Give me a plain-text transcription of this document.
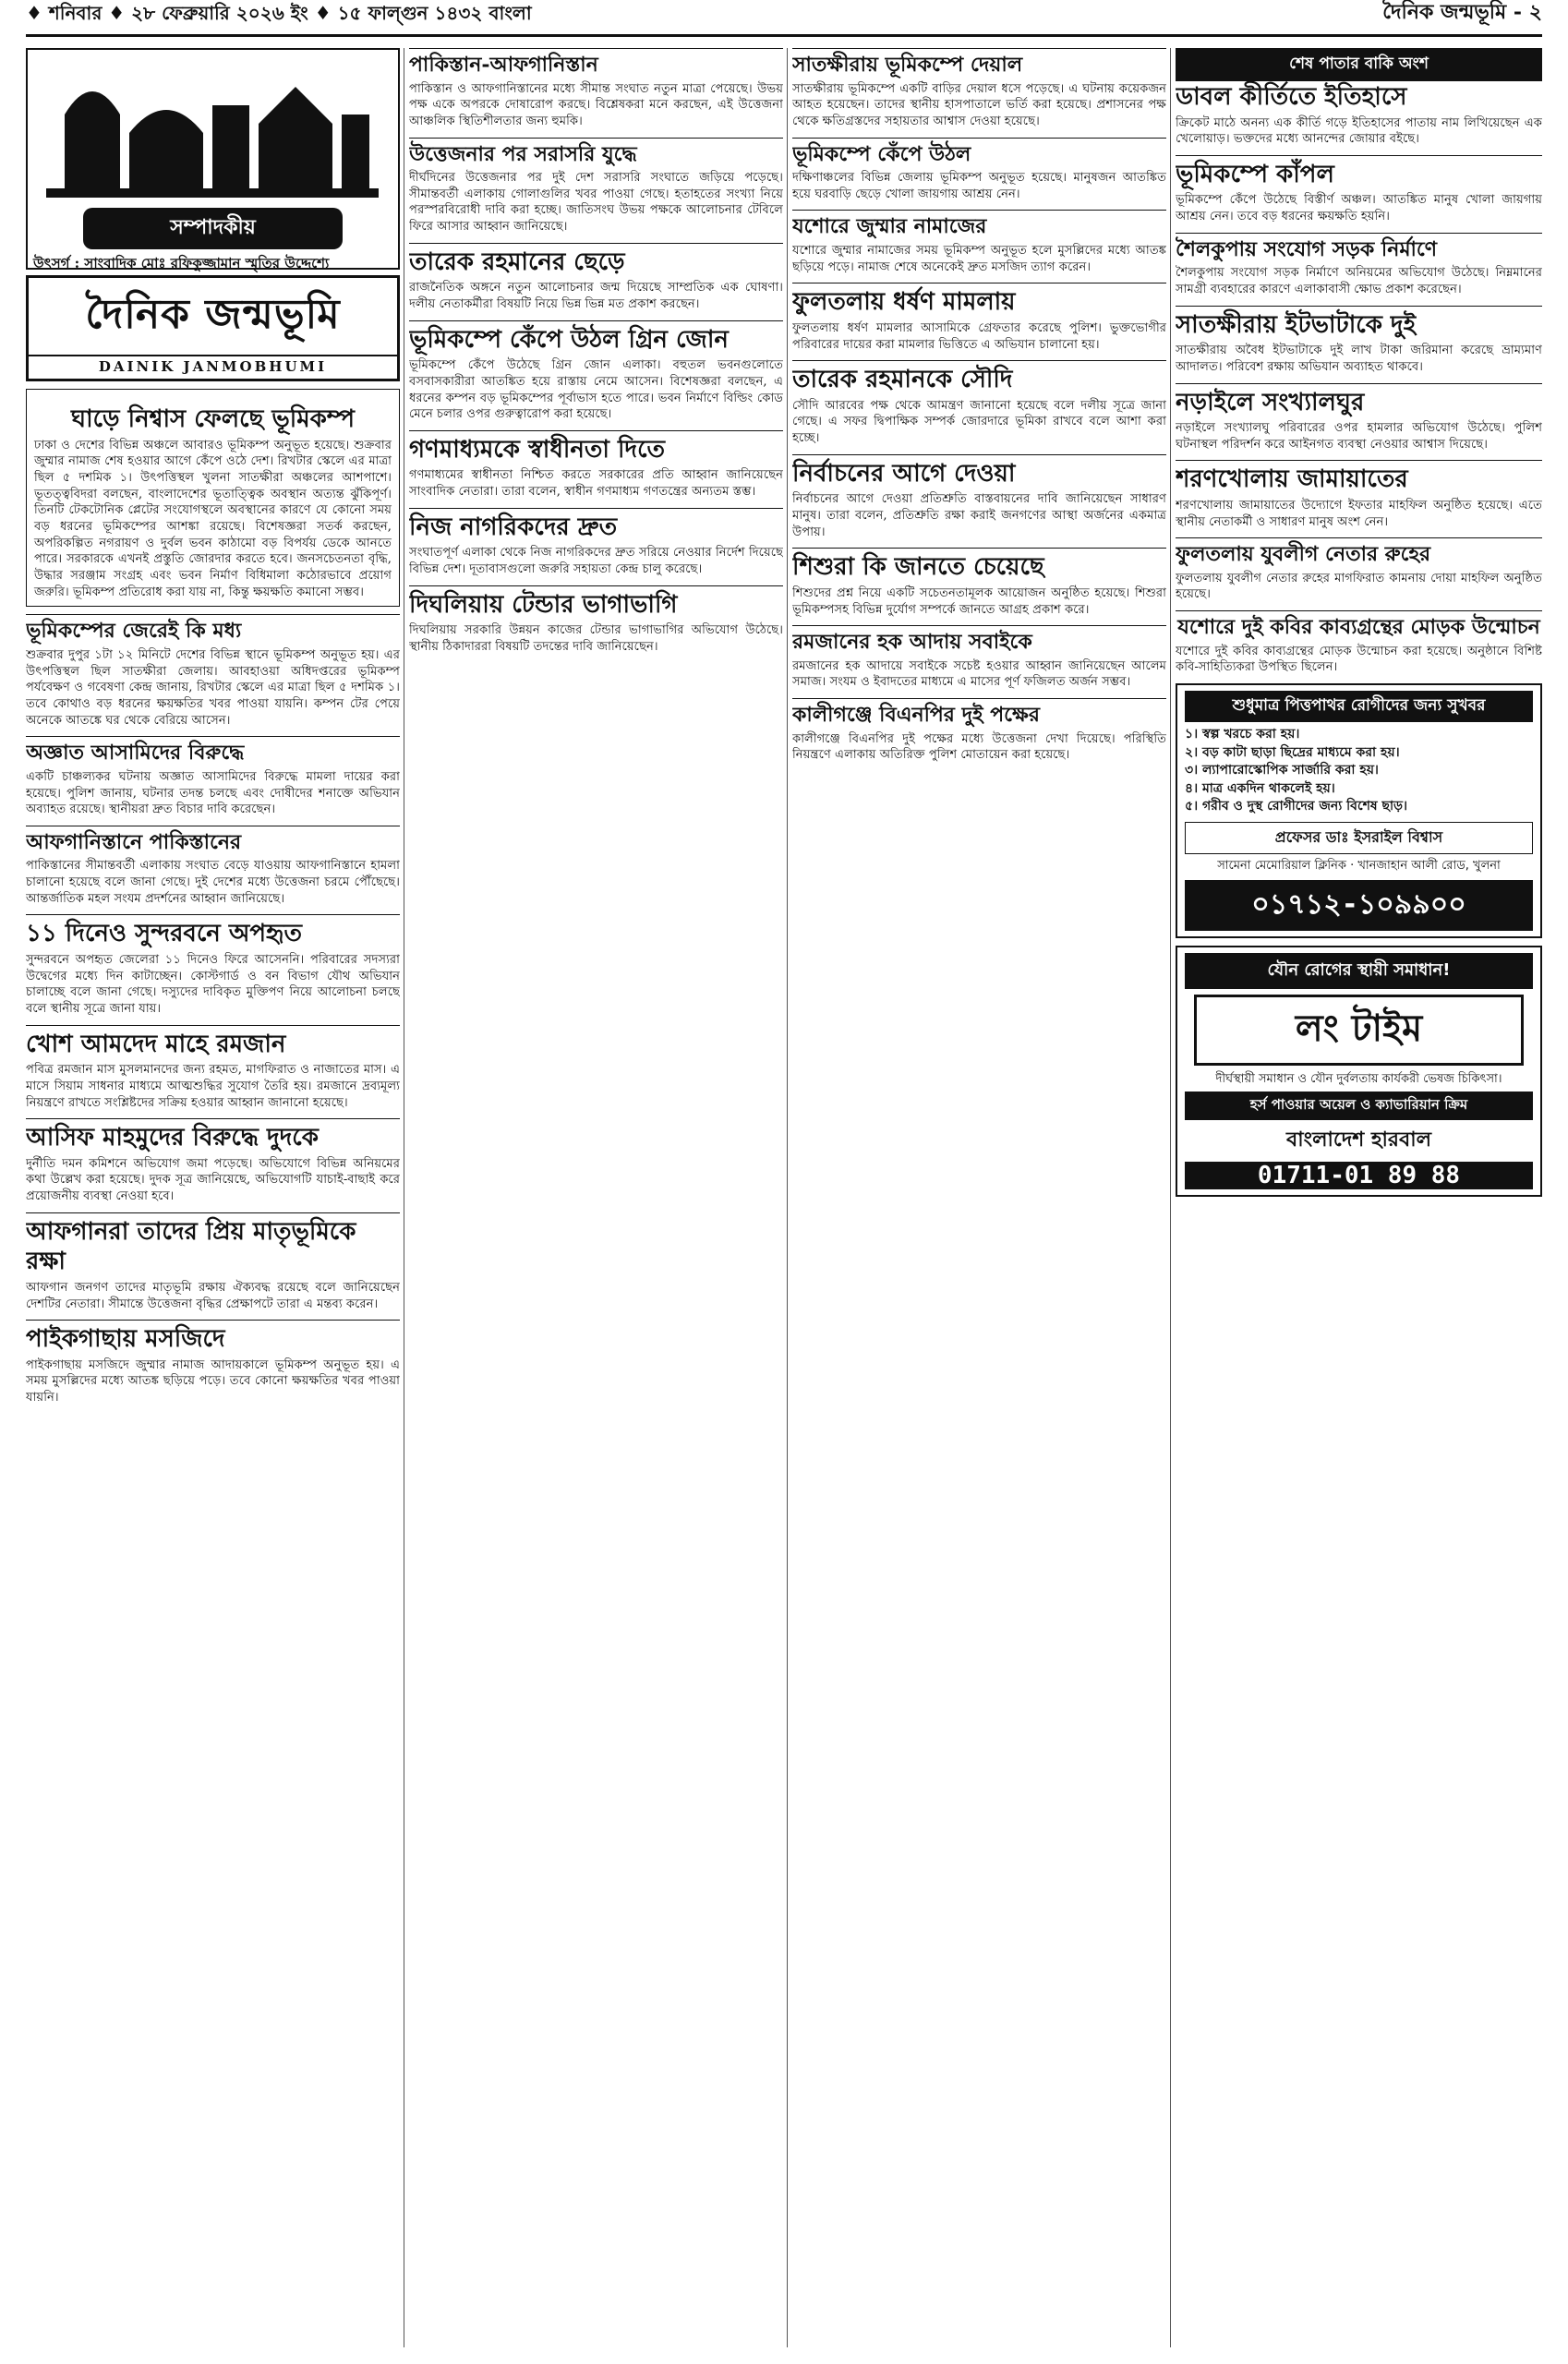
♦ শনিবার ♦ ২৮ ফেব্রুয়ারি ২০২৬ ইং ♦ ১৫ ফাল্গুন ১৪৩২ বাংলা	দৈনিক জন্মভূমি - ২
সম্পাদকীয়
উৎসর্গ : সাংবাদিক মোঃ রফিকুজ্জামান স্মৃতির উদ্দেশ্যে
দৈনিক জন্মভূমি
DAINIK JANMOBHUMI
ঘাড়ে নিশ্বাস ফেলছে ভূমিকম্প

ঢাকা ও দেশের বিভিন্ন অঞ্চলে আবারও ভূমিকম্প অনুভূত হয়েছে। শুক্রবার জুম্মার নামাজ শেষ হওয়ার আগে কেঁপে ওঠে দেশ। রিখটার স্কেলে এর মাত্রা ছিল ৫ দশমিক ১। উৎপত্তিস্থল খুলনা সাতক্ষীরা অঞ্চলের আশপাশে। ভূতত্ত্ববিদরা বলছেন, বাংলাদেশের ভূতাত্ত্বিক অবস্থান অত্যন্ত ঝুঁকিপূর্ণ। তিনটি টেকটোনিক প্লেটের সংযোগস্থলে অবস্থানের কারণে যে কোনো সময় বড় ধরনের ভূমিকম্পের আশঙ্কা রয়েছে। বিশেষজ্ঞরা সতর্ক করছেন, অপরিকল্পিত নগরায়ণ ও দুর্বল ভবন কাঠামো বড় বিপর্যয় ডেকে আনতে পারে। সরকারকে এখনই প্রস্তুতি জোরদার করতে হবে। জনসচেতনতা বৃদ্ধি, উদ্ধার সরঞ্জাম সংগ্রহ এবং ভবন নির্মাণ বিধিমালা কঠোরভাবে প্রয়োগ জরুরি। ভূমিকম্প প্রতিরোধ করা যায় না, কিন্তু ক্ষয়ক্ষতি কমানো সম্ভব।

ভূমিকম্পের জেরেই কি মধ্য

শুক্রবার দুপুর ১টা ১২ মিনিটে দেশের বিভিন্ন স্থানে ভূমিকম্প অনুভূত হয়। এর উৎপত্তিস্থল ছিল সাতক্ষীরা জেলায়। আবহাওয়া অধিদপ্তরের ভূমিকম্প পর্যবেক্ষণ ও গবেষণা কেন্দ্র জানায়, রিখটার স্কেলে এর মাত্রা ছিল ৫ দশমিক ১। তবে কোথাও বড় ধরনের ক্ষয়ক্ষতির খবর পাওয়া যায়নি। কম্পন টের পেয়ে অনেকে আতঙ্কে ঘর থেকে বেরিয়ে আসেন।

অজ্ঞাত আসামিদের বিরুদ্ধে

একটি চাঞ্চল্যকর ঘটনায় অজ্ঞাত আসামিদের বিরুদ্ধে মামলা দায়ের করা হয়েছে। পুলিশ জানায়, ঘটনার তদন্ত চলছে এবং দোষীদের শনাক্তে অভিযান অব্যাহত রয়েছে। স্থানীয়রা দ্রুত বিচার দাবি করেছেন।

আফগানিস্তানে পাকিস্তানের

পাকিস্তানের সীমান্তবর্তী এলাকায় সংঘাত বেড়ে যাওয়ায় আফগানিস্তানে হামলা চালানো হয়েছে বলে জানা গেছে। দুই দেশের মধ্যে উত্তেজনা চরমে পৌঁছেছে। আন্তর্জাতিক মহল সংযম প্রদর্শনের আহ্বান জানিয়েছে।

১১ দিনেও সুন্দরবনে অপহৃত

সুন্দরবনে অপহৃত জেলেরা ১১ দিনেও ফিরে আসেননি। পরিবারের সদস্যরা উদ্বেগের মধ্যে দিন কাটাচ্ছেন। কোস্টগার্ড ও বন বিভাগ যৌথ অভিযান চালাচ্ছে বলে জানা গেছে। দস্যুদের দাবিকৃত মুক্তিপণ নিয়ে আলোচনা চলছে বলে স্থানীয় সূত্রে জানা যায়।

খোশ আমদেদ মাহে রমজান

পবিত্র রমজান মাস মুসলমানদের জন্য রহমত, মাগফিরাত ও নাজাতের মাস। এ মাসে সিয়াম সাধনার মাধ্যমে আত্মশুদ্ধির সুযোগ তৈরি হয়। রমজানে দ্রব্যমূল্য নিয়ন্ত্রণে রাখতে সংশ্লিষ্টদের সক্রিয় হওয়ার আহ্বান জানানো হয়েছে।

আসিফ মাহমুদের বিরুদ্ধে দুদকে

দুর্নীতি দমন কমিশনে অভিযোগ জমা পড়েছে। অভিযোগে বিভিন্ন অনিয়মের কথা উল্লেখ করা হয়েছে। দুদক সূত্র জানিয়েছে, অভিযোগটি যাচাই-বাছাই করে প্রয়োজনীয় ব্যবস্থা নেওয়া হবে।

আফগানরা তাদের প্রিয় মাতৃভূমিকে রক্ষা

আফগান জনগণ তাদের মাতৃভূমি রক্ষায় ঐক্যবদ্ধ রয়েছে বলে জানিয়েছেন দেশটির নেতারা। সীমান্তে উত্তেজনা বৃদ্ধির প্রেক্ষাপটে তারা এ মন্তব্য করেন।

পাইকগাছায় মসজিদে

পাইকগাছায় মসজিদে জুম্মার নামাজ আদায়কালে ভূমিকম্প অনুভূত হয়। এ সময় মুসল্লিদের মধ্যে আতঙ্ক ছড়িয়ে পড়ে। তবে কোনো ক্ষয়ক্ষতির খবর পাওয়া যায়নি।

পাকিস্তান-আফগানিস্তান

পাকিস্তান ও আফগানিস্তানের মধ্যে সীমান্ত সংঘাত নতুন মাত্রা পেয়েছে। উভয় পক্ষ একে অপরকে দোষারোপ করছে। বিশ্লেষকরা মনে করছেন, এই উত্তেজনা আঞ্চলিক স্থিতিশীলতার জন্য হুমকি।

উত্তেজনার পর সরাসরি যুদ্ধে

দীর্ঘদিনের উত্তেজনার পর দুই দেশ সরাসরি সংঘাতে জড়িয়ে পড়েছে। সীমান্তবর্তী এলাকায় গোলাগুলির খবর পাওয়া গেছে। হতাহতের সংখ্যা নিয়ে পরস্পরবিরোধী দাবি করা হচ্ছে। জাতিসংঘ উভয় পক্ষকে আলোচনার টেবিলে ফিরে আসার আহ্বান জানিয়েছে।

তারেক রহমানের ছেড়ে

রাজনৈতিক অঙ্গনে নতুন আলোচনার জন্ম দিয়েছে সাম্প্রতিক এক ঘোষণা। দলীয় নেতাকর্মীরা বিষয়টি নিয়ে ভিন্ন ভিন্ন মত প্রকাশ করছেন।

ভূমিকম্পে কেঁপে উঠল গ্রিন জোন

ভূমিকম্পে কেঁপে উঠেছে গ্রিন জোন এলাকা। বহুতল ভবনগুলোতে বসবাসকারীরা আতঙ্কিত হয়ে রাস্তায় নেমে আসেন। বিশেষজ্ঞরা বলছেন, এ ধরনের কম্পন বড় ভূমিকম্পের পূর্বাভাস হতে পারে। ভবন নির্মাণে বিল্ডিং কোড মেনে চলার ওপর গুরুত্বারোপ করা হয়েছে।

গণমাধ্যমকে স্বাধীনতা দিতে

গণমাধ্যমের স্বাধীনতা নিশ্চিত করতে সরকারের প্রতি আহ্বান জানিয়েছেন সাংবাদিক নেতারা। তারা বলেন, স্বাধীন গণমাধ্যম গণতন্ত্রের অন্যতম স্তম্ভ।

নিজ নাগরিকদের দ্রুত

সংঘাতপূর্ণ এলাকা থেকে নিজ নাগরিকদের দ্রুত সরিয়ে নেওয়ার নির্দেশ দিয়েছে বিভিন্ন দেশ। দূতাবাসগুলো জরুরি সহায়তা কেন্দ্র চালু করেছে।

দিঘলিয়ায় টেন্ডার ভাগাভাগি

দিঘলিয়ায় সরকারি উন্নয়ন কাজের টেন্ডার ভাগাভাগির অভিযোগ উঠেছে। স্থানীয় ঠিকাদাররা বিষয়টি তদন্তের দাবি জানিয়েছেন।

সাতক্ষীরায় ভূমিকম্পে দেয়াল

সাতক্ষীরায় ভূমিকম্পে একটি বাড়ির দেয়াল ধসে পড়েছে। এ ঘটনায় কয়েকজন আহত হয়েছেন। তাদের স্থানীয় হাসপাতালে ভর্তি করা হয়েছে। প্রশাসনের পক্ষ থেকে ক্ষতিগ্রস্তদের সহায়তার আশ্বাস দেওয়া হয়েছে।

ভূমিকম্পে কেঁপে উঠল

দক্ষিণাঞ্চলের বিভিন্ন জেলায় ভূমিকম্প অনুভূত হয়েছে। মানুষজন আতঙ্কিত হয়ে ঘরবাড়ি ছেড়ে খোলা জায়গায় আশ্রয় নেন।

যশোরে জুম্মার নামাজের

যশোরে জুম্মার নামাজের সময় ভূমিকম্প অনুভূত হলে মুসল্লিদের মধ্যে আতঙ্ক ছড়িয়ে পড়ে। নামাজ শেষে অনেকেই দ্রুত মসজিদ ত্যাগ করেন।

ফুলতলায় ধর্ষণ মামলায়

ফুলতলায় ধর্ষণ মামলার আসামিকে গ্রেফতার করেছে পুলিশ। ভুক্তভোগীর পরিবারের দায়ের করা মামলার ভিত্তিতে এ অভিযান চালানো হয়।

তারেক রহমানকে সৌদি

সৌদি আরবের পক্ষ থেকে আমন্ত্রণ জানানো হয়েছে বলে দলীয় সূত্রে জানা গেছে। এ সফর দ্বিপাক্ষিক সম্পর্ক জোরদারে ভূমিকা রাখবে বলে আশা করা হচ্ছে।

নির্বাচনের আগে দেওয়া

নির্বাচনের আগে দেওয়া প্রতিশ্রুতি বাস্তবায়নের দাবি জানিয়েছেন সাধারণ মানুষ। তারা বলেন, প্রতিশ্রুতি রক্ষা করাই জনগণের আস্থা অর্জনের একমাত্র উপায়।

শিশুরা কি জানতে চেয়েছে

শিশুদের প্রশ্ন নিয়ে একটি সচেতনতামূলক আয়োজন অনুষ্ঠিত হয়েছে। শিশুরা ভূমিকম্পসহ বিভিন্ন দুর্যোগ সম্পর্কে জানতে আগ্রহ প্রকাশ করে।

রমজানের হক আদায় সবাইকে

রমজানের হক আদায়ে সবাইকে সচেষ্ট হওয়ার আহ্বান জানিয়েছেন আলেম সমাজ। সংযম ও ইবাদতের মাধ্যমে এ মাসের পূর্ণ ফজিলত অর্জন সম্ভব।

কালীগঞ্জে বিএনপির দুই পক্ষের

কালীগঞ্জে বিএনপির দুই পক্ষের মধ্যে উত্তেজনা দেখা দিয়েছে। পরিস্থিতি নিয়ন্ত্রণে এলাকায় অতিরিক্ত পুলিশ মোতায়েন করা হয়েছে।

ডাবল কীর্তিতে ইতিহাসে

ক্রিকেট মাঠে অনন্য এক কীর্তি গড়ে ইতিহাসের পাতায় নাম লিখিয়েছেন এক খেলোয়াড়। ভক্তদের মধ্যে আনন্দের জোয়ার বইছে।

ভূমিকম্পে কাঁপল

ভূমিকম্পে কেঁপে উঠেছে বিস্তীর্ণ অঞ্চল। আতঙ্কিত মানুষ খোলা জায়গায় আশ্রয় নেন। তবে বড় ধরনের ক্ষয়ক্ষতি হয়নি।

শৈলকুপায় সংযোগ সড়ক নির্মাণে

শৈলকুপায় সংযোগ সড়ক নির্মাণে অনিয়মের অভিযোগ উঠেছে। নিম্নমানের সামগ্রী ব্যবহারের কারণে এলাকাবাসী ক্ষোভ প্রকাশ করেছেন।

সাতক্ষীরায় ইটভাটাকে দুই

সাতক্ষীরায় অবৈধ ইটভাটাকে দুই লাখ টাকা জরিমানা করেছে ভ্রাম্যমাণ আদালত। পরিবেশ রক্ষায় অভিযান অব্যাহত থাকবে।

নড়াইলে সংখ্যালঘুর

নড়াইলে সংখ্যালঘু পরিবারের ওপর হামলার অভিযোগ উঠেছে। পুলিশ ঘটনাস্থল পরিদর্শন করে আইনগত ব্যবস্থা নেওয়ার আশ্বাস দিয়েছে।

শরণখোলায় জামায়াতের

শরণখোলায় জামায়াতের উদ্যোগে ইফতার মাহফিল অনুষ্ঠিত হয়েছে। এতে স্থানীয় নেতাকর্মী ও সাধারণ মানুষ অংশ নেন।

ফুলতলায় যুবলীগ নেতার রুহের

ফুলতলায় যুবলীগ নেতার রুহের মাগফিরাত কামনায় দোয়া মাহফিল অনুষ্ঠিত হয়েছে।

যশোরে দুই কবির কাব্যগ্রন্থের মোড়ক উন্মোচন

যশোরে দুই কবির কাব্যগ্রন্থের মোড়ক উন্মোচন করা হয়েছে। অনুষ্ঠানে বিশিষ্ট কবি-সাহিত্যিকরা উপস্থিত ছিলেন।

শুধুমাত্র পিত্তপাথর রোগীদের জন্য সুখবর
১। স্বল্প খরচে করা হয়।
২। বড় কাটা ছাড়া ছিদ্রের মাধ্যমে করা হয়।
৩। ল্যাপারোস্কোপিক সার্জারি করা হয়।
৪। মাত্র একদিন থাকলেই হয়।
৫। গরীব ও দুস্থ রোগীদের জন্য বিশেষ ছাড়।
প্রফেসর ডাঃ ইসরাইল বিশ্বাস
সামেনা মেমোরিয়াল ক্লিনিক · খানজাহান আলী রোড, খুলনা
০১৭১২-১০৯৯০০
যৌন রোগের স্থায়ী সমাধান!
লং টাইম
দীর্ঘস্থায়ী সমাধান ও যৌন দুর্বলতায় কার্যকরী ভেষজ চিকিৎসা।
হর্স পাওয়ার অয়েল ও ক্যাভারিয়ান ক্রিম
বাংলাদেশ হারবাল
01711-01 89 88
শেষ পাতার বাকি অংশ
